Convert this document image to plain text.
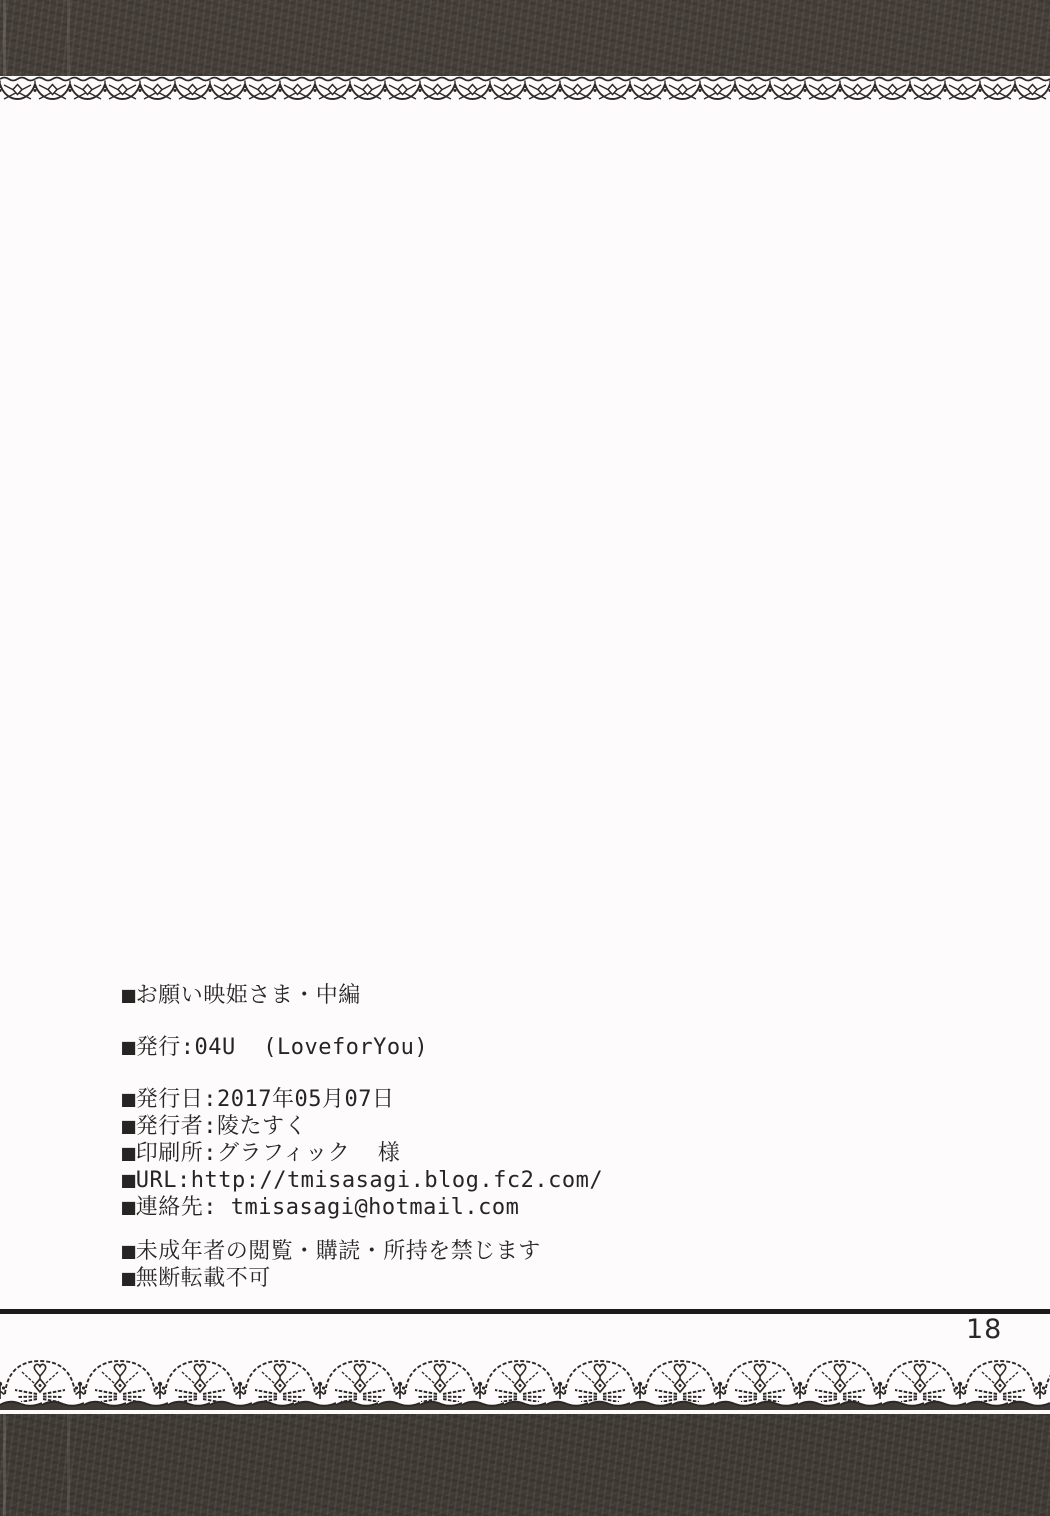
■お願い映姫さま・中編
■発行:04U  (LoveforYou)
■発行日:2017年05月07日
■発行者:陵たすく
■印刷所:グラフィック  様
■URL:http://tmisasagi.blog.fc2.com/
■連絡先: tmisasagi@hotmail.com
■未成年者の閲覧・購読・所持を禁じます
■無断転載不可
18
